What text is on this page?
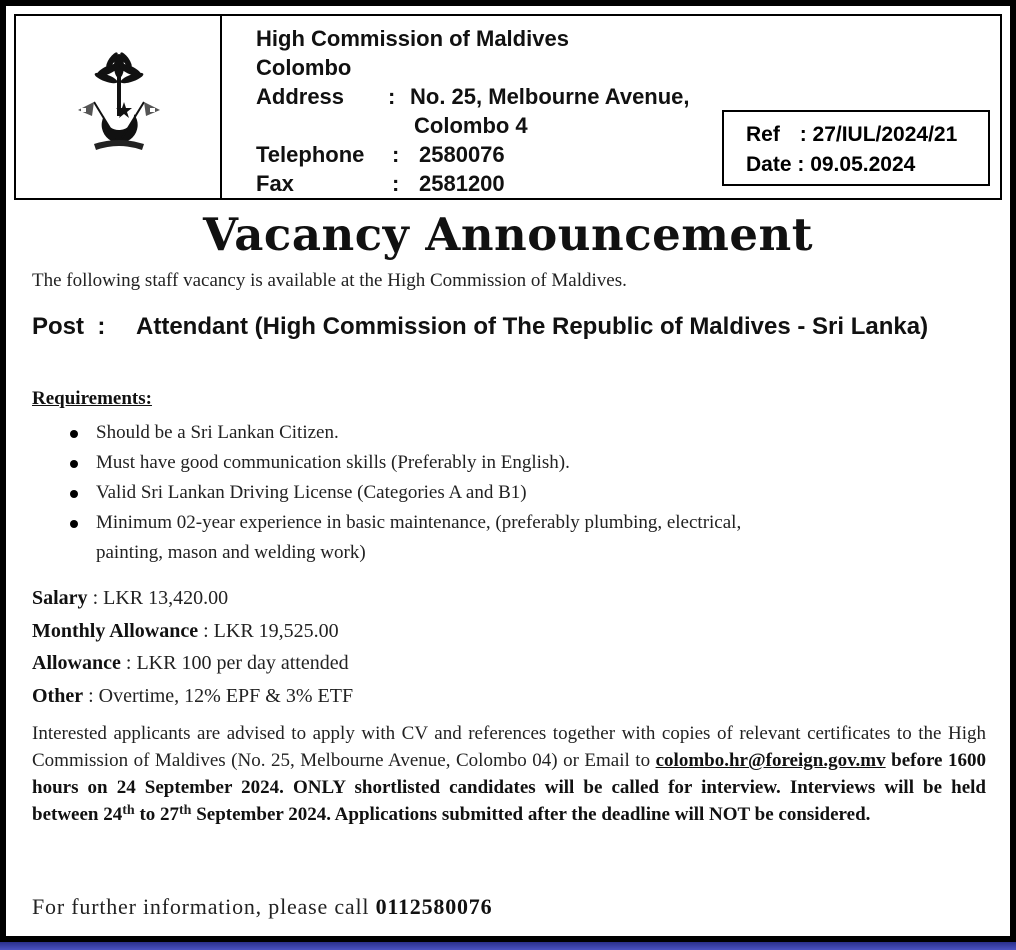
High Commission of Maldives
Colombo
Address : No. 25, Melbourne Avenue,
Colombo 4
Telephone : 2580076
Fax	: 2581200
Ref : 27/IUL/2024/21
Date : 09.05.2024
Vacancy Announcement
The following staff vacancy is available at the High Commission of Maldives.
Post : Attendant (High Commission of The Republic of Maldives - Sri Lanka)
Requirements:
Should be a Sri Lankan Citizen.
Must have good communication skills (Preferably in English).
Valid Sri Lankan Driving License (Categories A and B1)
Minimum 02-year experience in basic maintenance, (preferably plumbing, electrical, painting, mason and welding work)
Salary : LKR 13,420.00
Monthly Allowance : LKR 19,525.00
Allowance : LKR 100 per day attended
Other : Overtime, 12% EPF & 3% ETF
Interested applicants are advised to apply with CV and references together with copies of relevant certificates to the High Commission of Maldives (No. 25, Melbourne Avenue, Colombo 04) or Email to colombo.hr@foreign.gov.mv before 1600 hours on 24 September 2024. ONLY shortlisted candidates will be called for interview. Interviews will be held between 24th to 27th September 2024. Applications submitted after the deadline will NOT be considered.
For further information, please call 0112580076
